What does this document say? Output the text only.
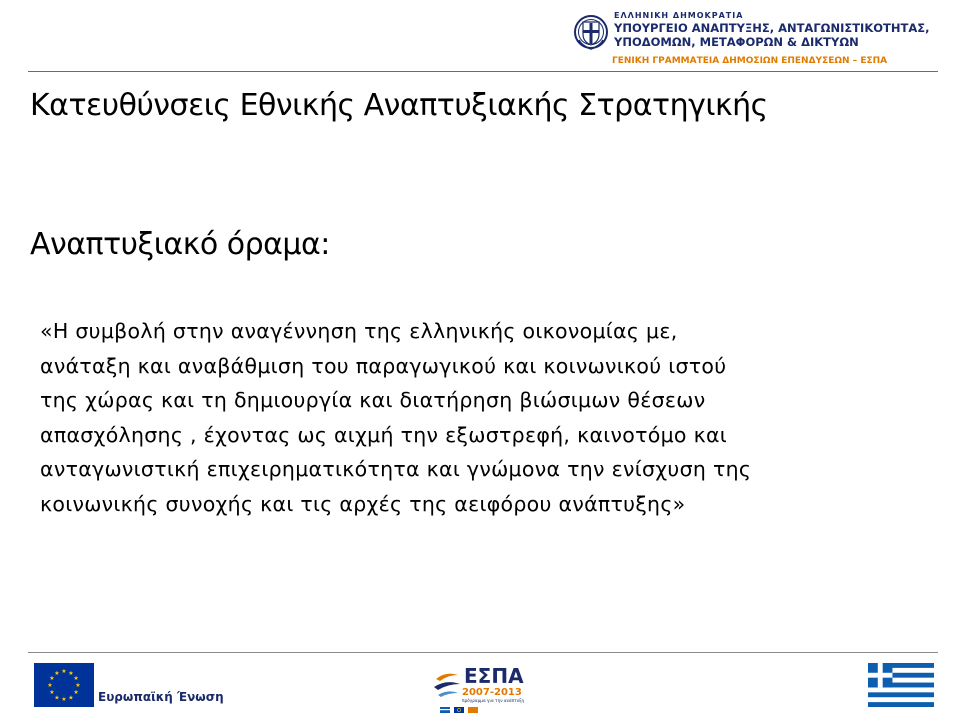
ΕΛΛΗΝΙΚΗ ΔΗΜΟΚΡΑΤΙΑ
ΥΠΟΥΡΓΕΙΟ ΑΝΑΠΤΥΞΗΣ, ΑΝΤΑΓΩΝΙΣΤΙΚΟΤΗΤΑΣ,
ΥΠΟΔΟΜΩΝ, ΜΕΤΑΦΟΡΩΝ & ΔΙΚΤΥΩΝ
ΓΕΝΙΚΗ ΓΡΑΜΜΑΤΕΙΑ ΔΗΜΟΣΙΩΝ ΕΠΕΝΔΥΣΕΩΝ – ΕΣΠΑ
Κατευθύνσεις Εθνικής Αναπτυξιακής Στρατηγικής
Αναπτυξιακό όραμα:
«Η συμβολή στην αναγέννηση της ελληνικής οικονομίας με,
ανάταξη και αναβάθμιση του παραγωγικού και κοινωνικού ιστού
της χώρας και τη δημιουργία και διατήρηση βιώσιμων θέσεων
απασχόλησης , έχοντας ως αιχμή την εξωστρεφή, καινοτόμο και
ανταγωνιστική επιχειρηματικότητα και γνώμονα την ενίσχυση της
κοινωνικής συνοχής και τις αρχές της αειφόρου ανάπτυξης»
★ ★
★
★
★
★
★
★
★
★
★
★
Ευρωπαϊκή Ένωση
ΕΣΠΑ
2007-2013
πρόγραμμα για την ανάπτυξη
